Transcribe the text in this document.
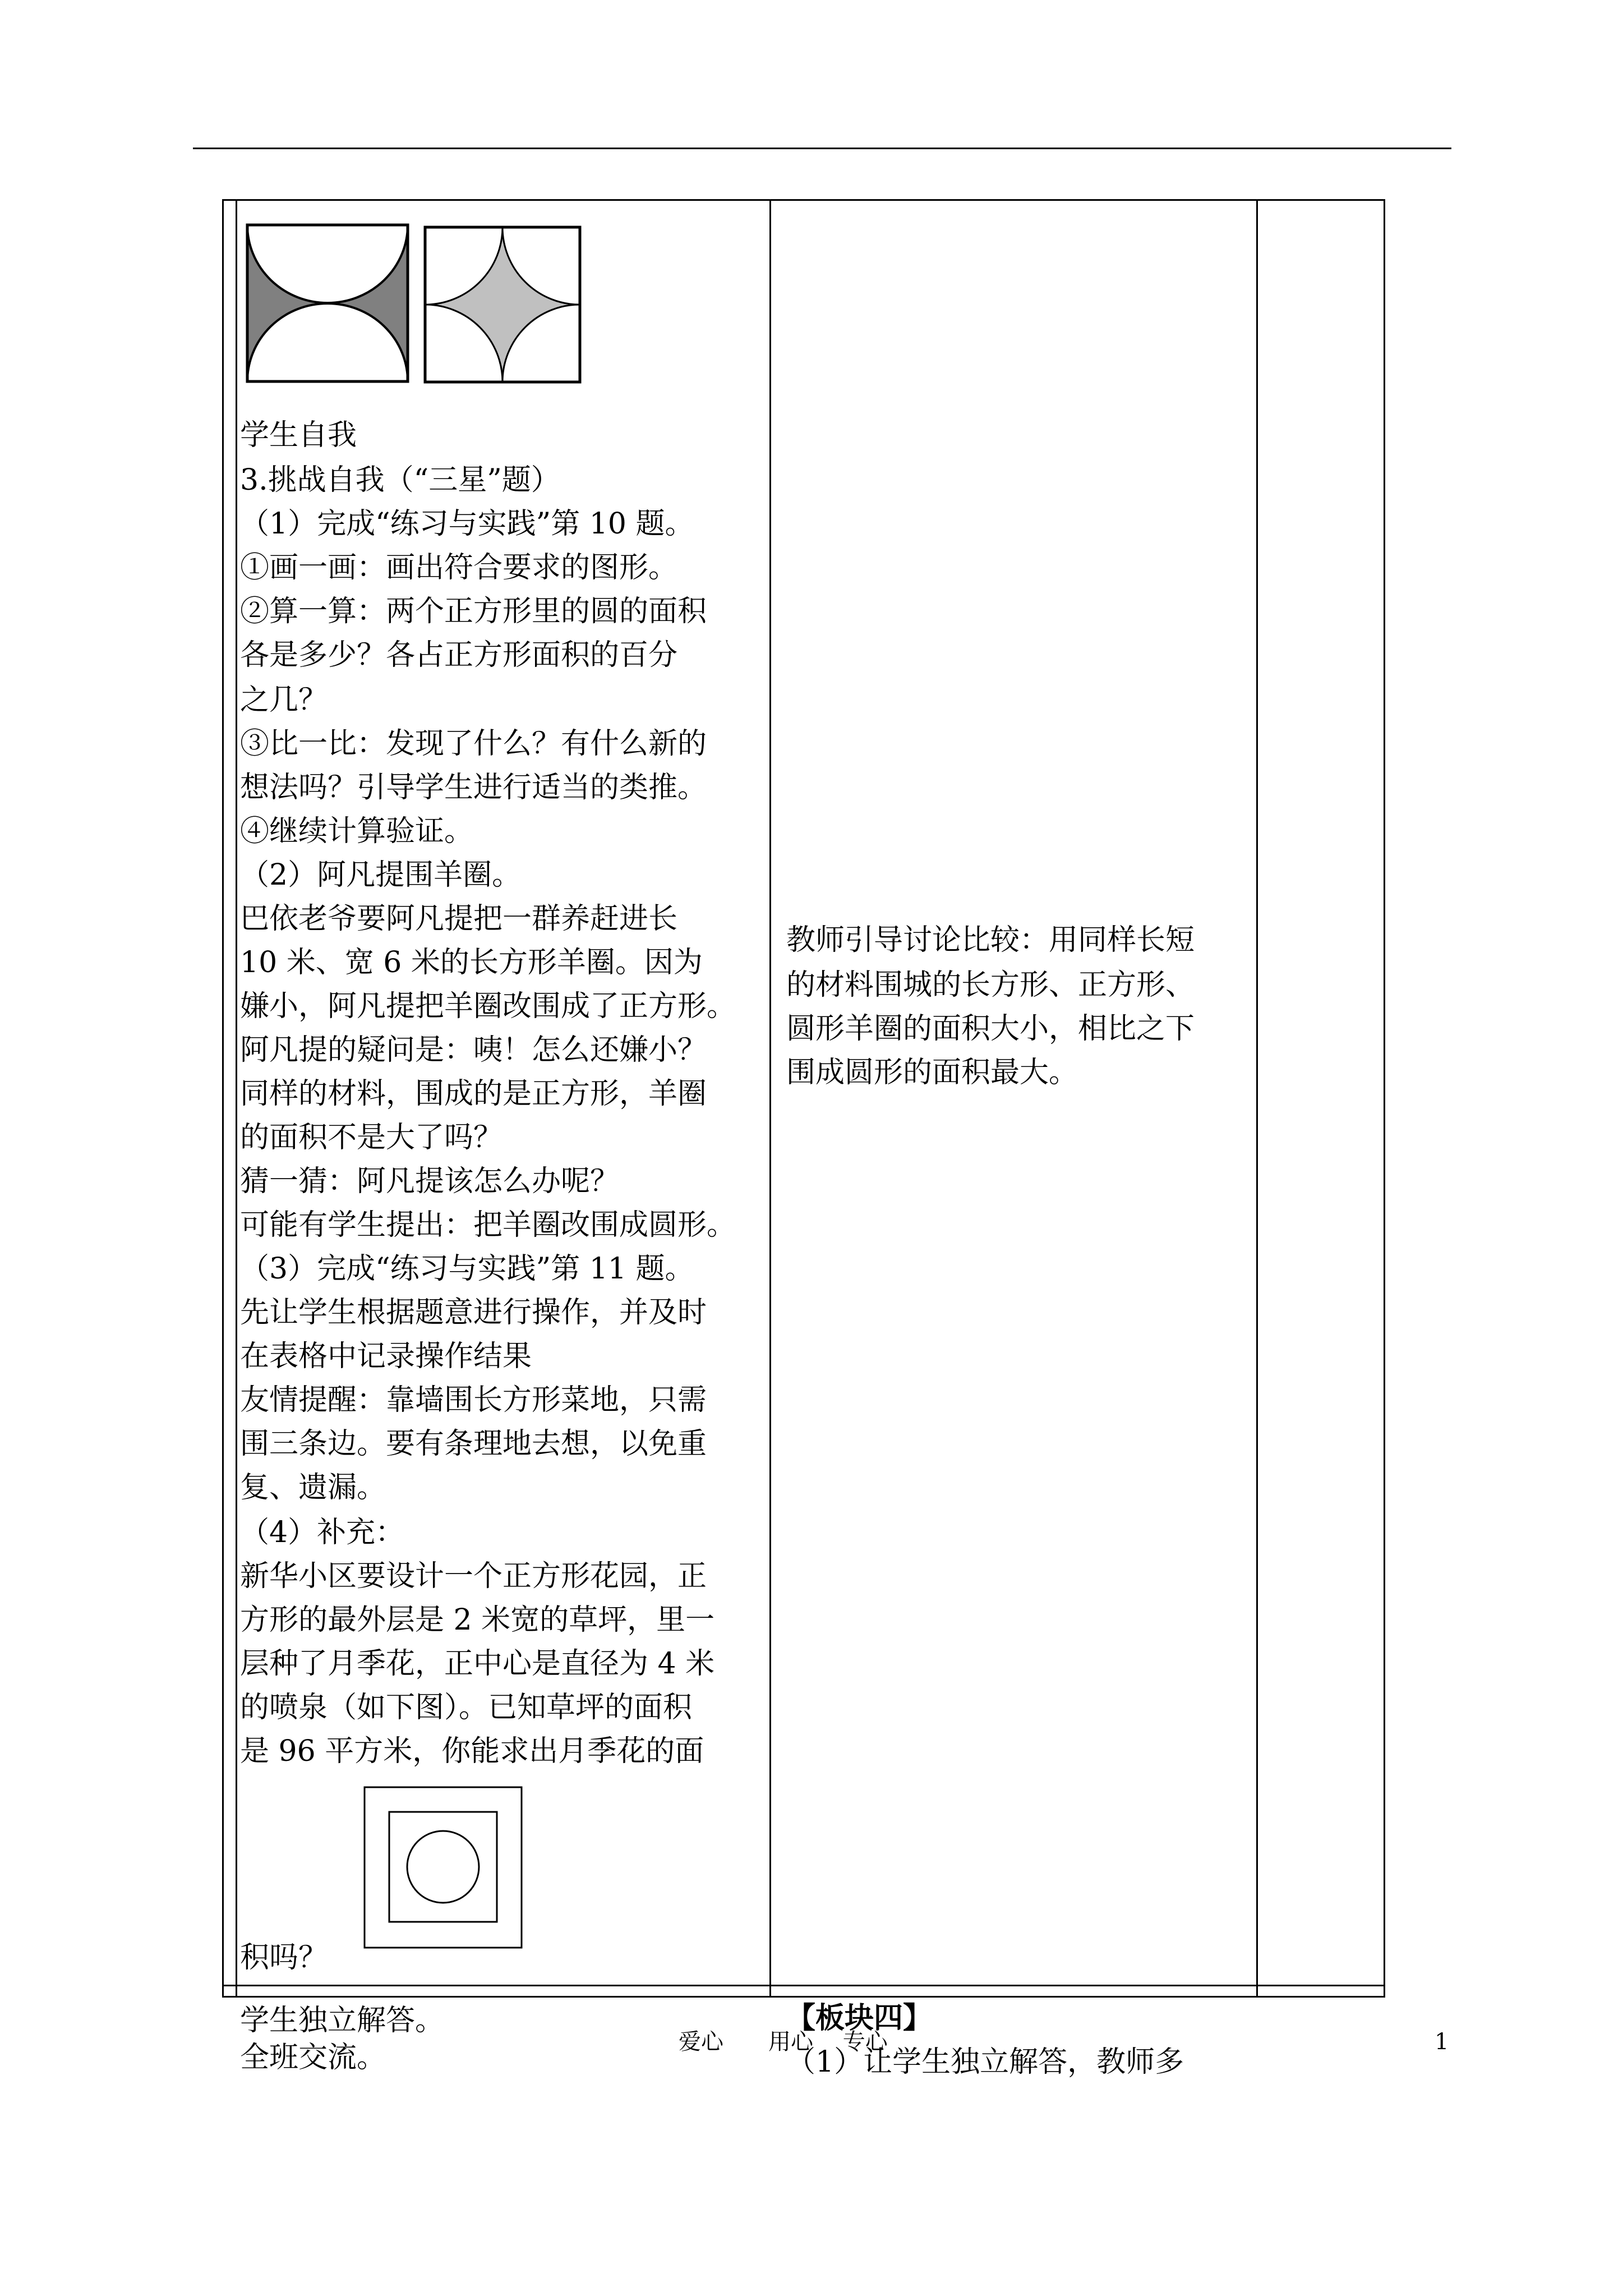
学生自我
3.挑战自我（“三星”题）
（1）完成“练习与实践”第 10 题。
①画一画：画出符合要求的图形。
②算一算：两个正方形里的圆的面积
各是多少？各占正方形面积的百分
之几？
③比一比：发现了什么？有什么新的
想法吗？引导学生进行适当的类推。
④继续计算验证。
（2）阿凡提围羊圈。
巴依老爷要阿凡提把一群养赶进长
10 米、宽 6 米的长方形羊圈。因为
嫌小，阿凡提把羊圈改围成了正方形。
阿凡提的疑问是：咦！怎么还嫌小？
同样的材料，围成的是正方形，羊圈
的面积不是大了吗？
猜一猜：阿凡提该怎么办呢？
可能有学生提出：把羊圈改围成圆形。
（3）完成“练习与实践”第 11 题。
先让学生根据题意进行操作，并及时
在表格中记录操作结果
友情提醒：靠墙围长方形菜地，只需
围三条边。要有条理地去想，以免重
复、遗漏。
（4）补充：
新华小区要设计一个正方形花园，正
方形的最外层是 2 米宽的草坪，里一
层种了月季花，正中心是直径为 4 米
的喷泉（如下图）。已知草坪的面积
是 96 平方米，你能求出月季花的面
积吗？
学生独立解答。
全班交流。
教师引导讨论比较：用同样长短
的材料围城的长方形、正方形、
圆形羊圈的面积大小，相比之下
围成圆形的面积最大。
【板块四】
（1）让学生独立解答，教师多
爱心　　用心　 专心	1
